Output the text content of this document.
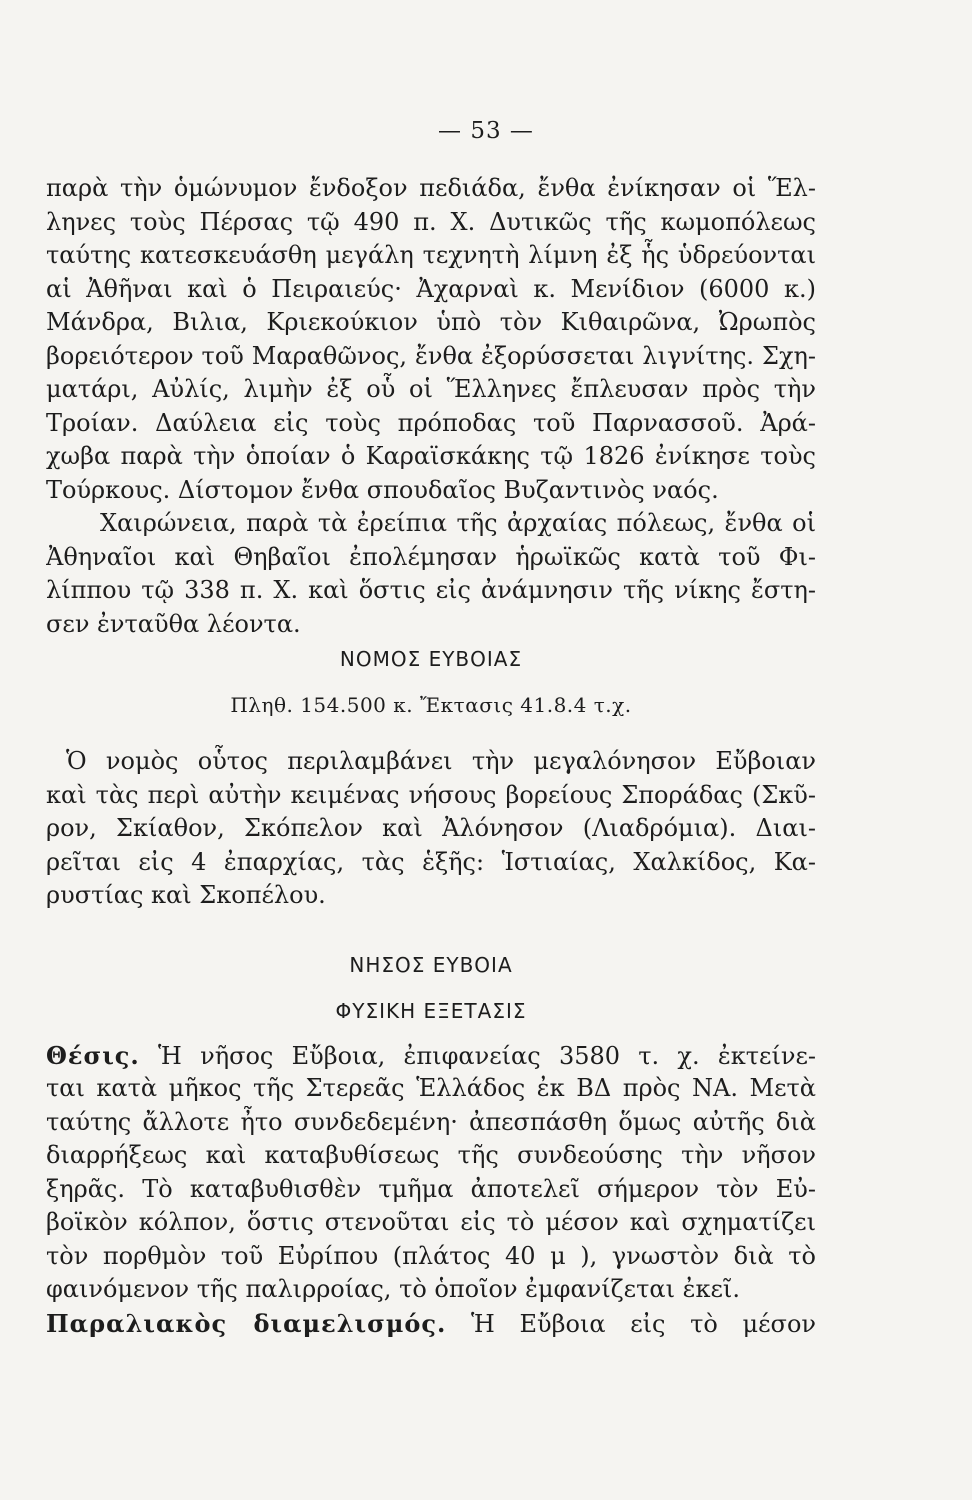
— 53 —
παρὰ τὴν ὁμώνυμον ἔνδοξον πεδιάδα, ἔνθα ἐνίκησαν οἱ Ἕλ-
ληνες τοὺς Πέρσας τῷ 490 π. Χ. Δυτικῶς τῆς κωμοπόλεως
ταύτης κατεσκευάσθη μεγάλη τεχνητὴ λίμνη ἐξ ἧς ὑδρεύονται
αἱ Ἀθῆναι καὶ ὁ Πειραιεύς· Ἀχαρναὶ κ. Μενίδιον (6000 κ.)
Μάνδρα, Βιλια, Κριεκούκιον ὑπὸ τὸν Κιθαιρῶνα, Ὠρωπὸς
βορειότερον τοῦ Μαραθῶνος, ἔνθα ἐξορύσσεται λιγνίτης. Σχη-
ματάρι, Αὐλίς, λιμὴν ἐξ οὗ οἱ Ἕλληνες ἔπλευσαν πρὸς τὴν
Τροίαν. Δαύλεια εἰς τοὺς πρόποδας τοῦ Παρνασσοῦ. Ἀρά-
χωβα παρὰ τὴν ὁποίαν ὁ Καραϊσκάκης τῷ 1826 ἐνίκησε τοὺς
Τούρκους. Δίστομον ἔνθα σπουδαῖος Βυζαντινὸς ναός.
Χαιρώνεια, παρὰ τὰ ἐρείπια τῆς ἀρχαίας πόλεως, ἔνθα οἱ
Ἀθηναῖοι καὶ Θηβαῖοι ἐπολέμησαν ἡρωϊκῶς κατὰ τοῦ Φι-
λίππου τῷ 338 π. Χ. καὶ ὅστις εἰς ἀνάμνησιν τῆς νίκης ἔστη-
σεν ἐνταῦθα λέοντα.
ΝΟΜΟΣ ΕΥΒΟΙΑΣ
Πληθ. 154.500 κ. Ἔκτασις 41.8.4 τ.χ.
Ὁ νομὸς οὗτος περιλαμβάνει τὴν μεγαλόνησον Εὔβοιαν
καὶ τὰς περὶ αὐτὴν κειμένας νήσους βορείους Σποράδας (Σκῦ-
ρον, Σκίαθον, Σκόπελον καὶ Ἀλόνησον (Λιαδρόμια). Διαι-
ρεῖται εἰς 4 ἐπαρχίας, τὰς ἑξῆς: Ἱστιαίας, Χαλκίδος, Κα-
ρυστίας καὶ Σκοπέλου.
ΝΗΣΟΣ ΕΥΒΟΙΑ
ΦΥΣΙΚΗ ΕΞΕΤΑΣΙΣ
Θέσις. Ἡ νῆσος Εὔβοια, ἐπιφανείας 3580 τ. χ. ἐκτείνε-
ται κατὰ μῆκος τῆς Στερεᾶς Ἑλλάδος ἐκ ΒΔ πρὸς ΝΑ. Μετὰ
ταύτης ἄλλοτε ἦτο συνδεδεμένη· ἀπεσπάσθη ὅμως αὐτῆς διὰ
διαρρήξεως καὶ καταβυθίσεως τῆς συνδεούσης τὴν νῆσον
ξηρᾶς. Τὸ καταβυθισθὲν τμῆμα ἀποτελεῖ σήμερον τὸν Εὐ-
βοϊκὸν κόλπον, ὅστις στενοῦται εἰς τὸ μέσον καὶ σχηματίζει
τὸν πορθμὸν τοῦ Εὐρίπου (πλάτος 40 μ ), γνωστὸν διὰ τὸ
φαινόμενον τῆς παλιρροίας, τὸ ὁποῖον ἐμφανίζεται ἐκεῖ.
Παραλιακὸς διαμελισμός. Ἡ Εὔβοια εἰς τὸ μέσον
